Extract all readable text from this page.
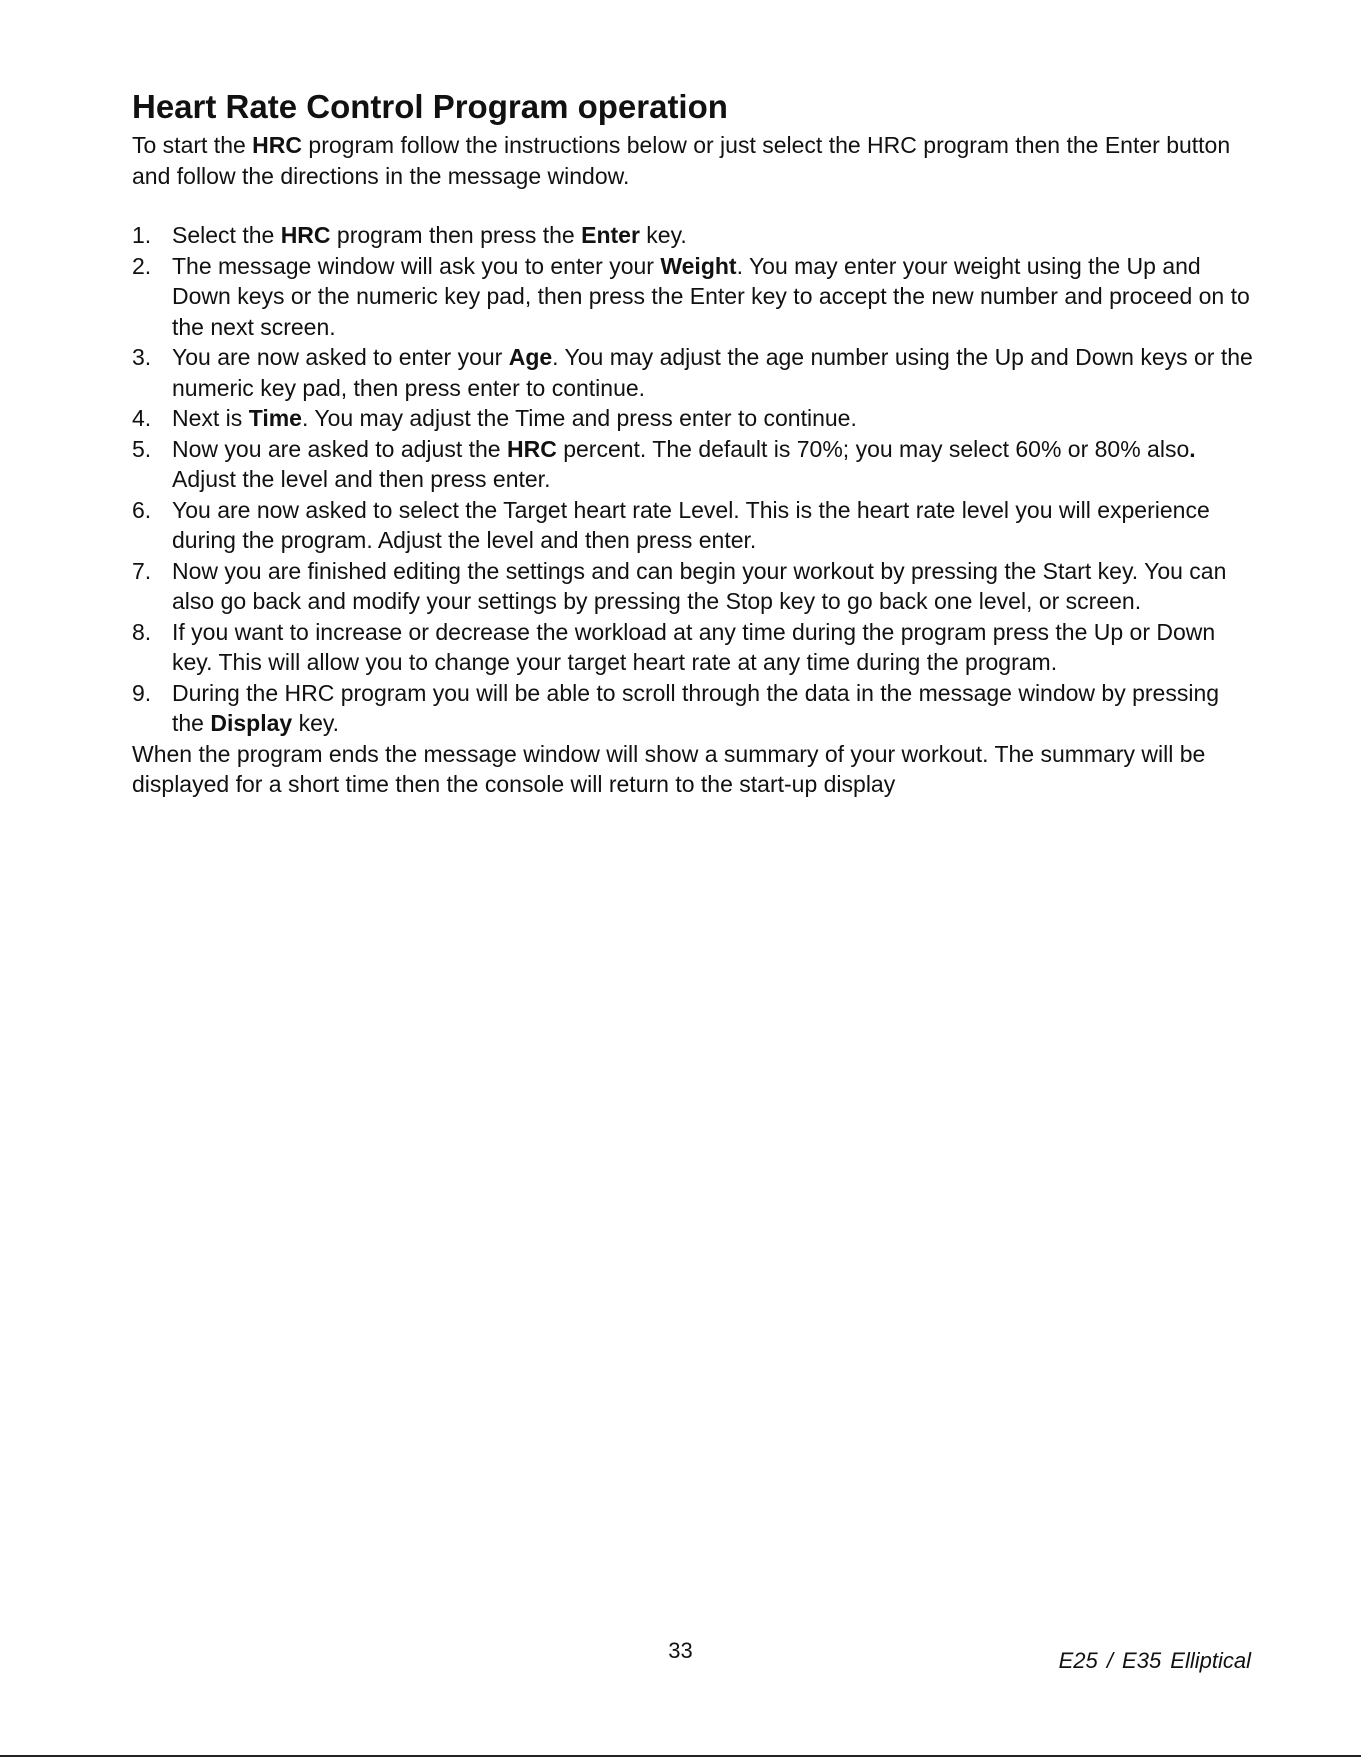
Heart Rate Control Program operation

To start the HRC program follow the instructions below or just select the HRC program then the Enter button and follow the directions in the message window.

1. Select the HRC program then press the Enter key.
2. The message window will ask you to enter your Weight. You may enter your weight using the Up and Down keys or the numeric key pad, then press the Enter key to accept the new number and proceed on to the next screen.
3. You are now asked to enter your Age. You may adjust the age number using the Up and Down keys or the numeric key pad, then press enter to continue.
4. Next is Time. You may adjust the Time and press enter to continue.
5. Now you are asked to adjust the HRC percent. The default is 70%; you may select 60% or 80% also. Adjust the level and then press enter.
6. You are now asked to select the Target heart rate Level. This is the heart rate level you will experience during the program. Adjust the level and then press enter.
7. Now you are finished editing the settings and can begin your workout by pressing the Start key. You can also go back and modify your settings by pressing the Stop key to go back one level, or screen.
8. If you want to increase or decrease the workload at any time during the program press the Up or Down key. This will allow you to change your target heart rate at any time during the program.
9. During the HRC program you will be able to scroll through the data in the message window by pressing the Display key.

When the program ends the message window will show a summary of your workout. The summary will be displayed for a short time then the console will return to the start-up display

33	E25 / E35 Elliptical
